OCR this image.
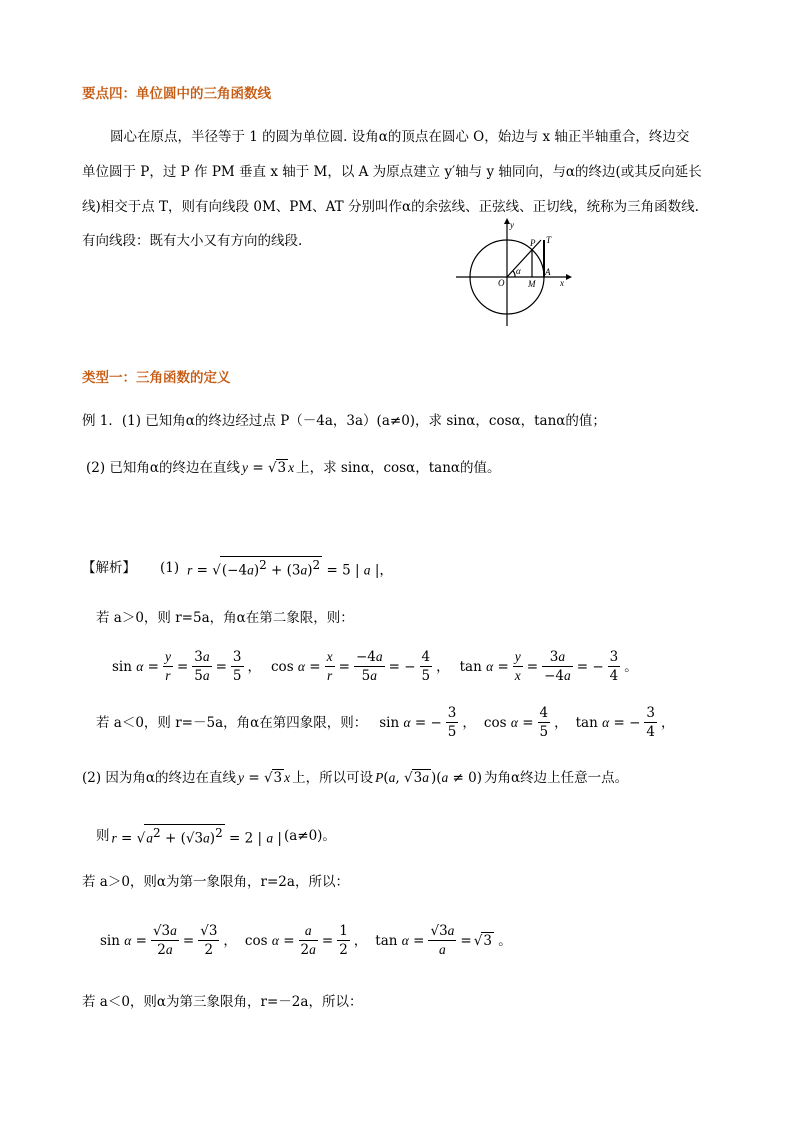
要点四：单位圆中的三角函数线
圆心在原点，半径等于 1 的圆为单位圆. 设角α的顶点在圆心 O，始边与 x 轴正半轴重合，终边交
单位圆于 P，过 P 作 PM 垂直 x 轴于 M，以 A 为原点建立 y′轴与 y 轴同向，与α的终边(或其反向延长
线)相交于点 T，则有向线段 0M、PM、AT 分别叫作α的余弦线、正弦线、正切线，统称为三角函数线.
有向线段：既有大小又有方向的线段.
y
P T
α	A
O	M	x
类型一：三角函数的定义
例 1．(1) 已知角α的终边经过点 P（－4a，3a）(a≠0)，求 sinα，cosα，tanα的值；
(2) 已知角α的终边在直线 y = √3 x 上，求 sinα，cosα，tanα的值。
【解析】 (1) $r = √(-4a)^2 + (3a)^2 = 5$ | a |，
若 a＞0，则 r=5a，角α在第二象限，则：
$\sin \alpha = \frac{y}{r} = \frac{3a}{5a} = \frac{3}{5}$ ， $\cos \alpha = \frac{x}{r} = \frac{-4a}{5a}$ = − $\frac{4}{5}$ ， $\tan \alpha = \frac{y}{x} = \frac{3a}{-4a}$ = − $\frac{3}{4}$ 。
若 a＜0，则 r=－5a，角α在第四象限，则： sin α = − $\frac{3}{5}$ ， $\cos \alpha = \frac{4}{5}$ ， tan α = − $\frac{3}{4}$ ，
(2) 因为角α的终边在直线 y = √3 x 上，所以可设 P(a, √3a )(a ≠ 0) 为角α终边上任意一点。
则 $r = √a^2 + (√3a)^2 = 2$ | a | (a≠0)。
若 a＞0，则α为第一象限角，r=2a，所以：
$\sin \alpha = \frac{√3a}{2a} = \frac{√3}{2}$ ， $\cos \alpha = \frac{a}{2a} = \frac{1}{2}$ ， $\tan \alpha = \frac{√3a}{a} = √3$ 。
若 a＜0，则α为第三象限角，r=－2a，所以：
